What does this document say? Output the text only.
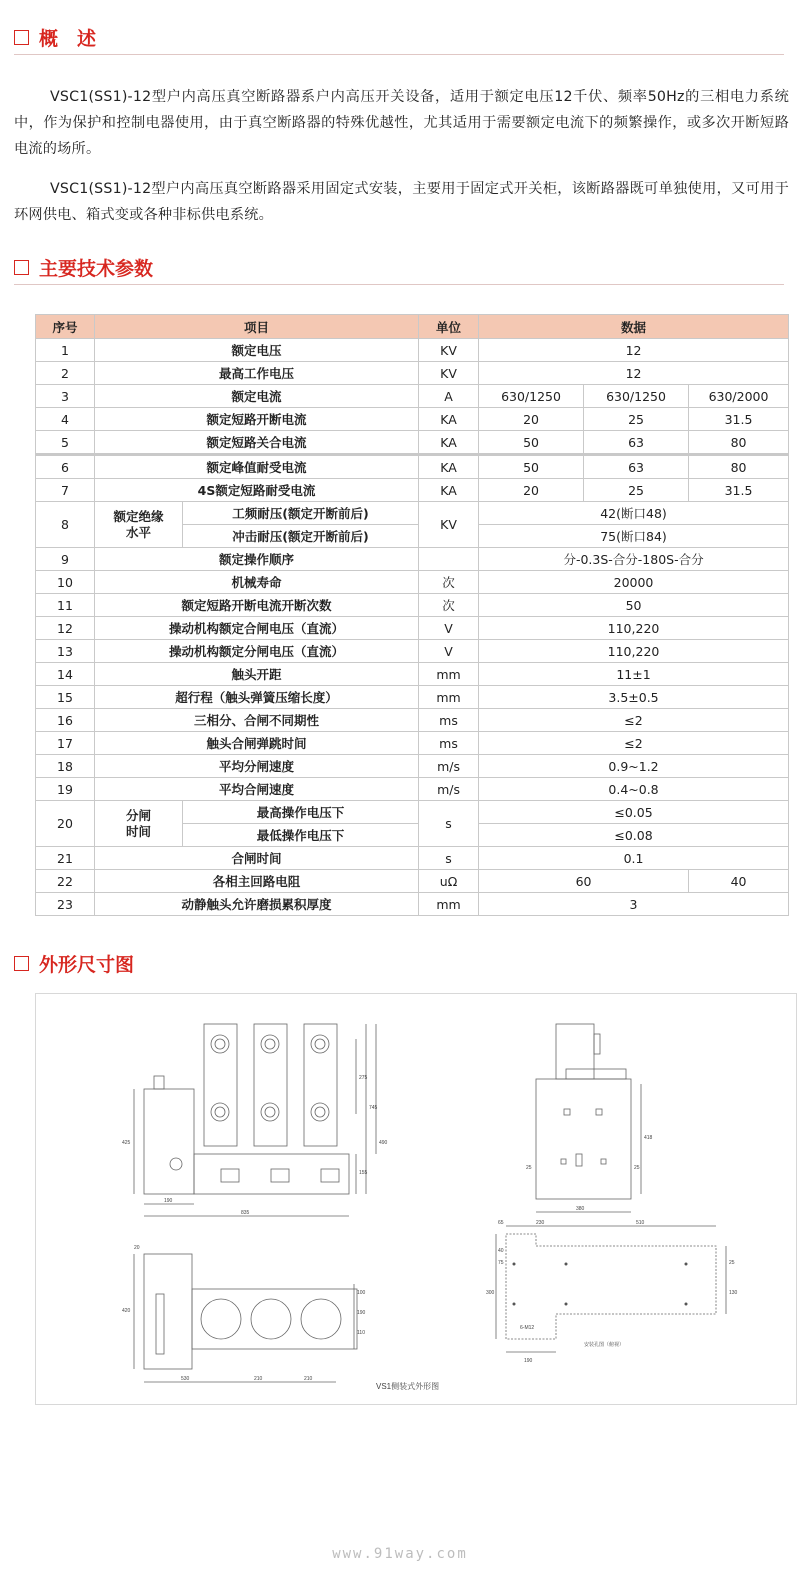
概　述
VSC1(SS1)-12型户内高压真空断路器系户内高压开关设备，适用于额定电压12千伏、频率50Hz的三相电力系统中，作为保护和控制电器使用，由于真空断路器的特殊优越性，尤其适用于需要额定电流下的频繁操作，或多次开断短路电流的场所。
VSC1(SS1)-12型户内高压真空断路器采用固定式安装，主要用于固定式开关柜，该断路器既可单独使用，又可用于环网供电、箱式变或各种非标供电系统。
主要技术参数
序号	项目		单位	数据		
1	额定电压		KV	12		
2	最高工作电压		KV	12		
3	额定电流		A	630/1250	630/1250	630/2000
4	额定短路开断电流		KA	20	25	31.5
5	额定短路关合电流		KA	50	63	80
6	额定峰值耐受电流		KA	50	63	80
7	4S额定短路耐受电流		KA	20	25	31.5
8	额定绝缘水平	工频耐压(额定开断前后)	KV	42(断口48)		
		冲击耐压(额定开断前后)		75(断口84)		
9	额定操作顺序			分-0.3S-合分-180S-合分		
10	机械寿命		次	20000		
11	额定短路开断电流开断次数		次	50		
12	操动机构额定合闸电压（直流）		V	110,220		
13	操动机构额定分闸电压（直流）		V	110,220		
14	触头开距		mm	11±1		
15	超行程（触头弹簧压缩长度）		mm	3.5±0.5		
16	三相分、合闸不同期性		ms	≤2		
17	触头合闸弹跳时间		ms	≤2		
18	平均分闸速度		m/s	0.9~1.2		
19	平均合闸速度		m/s	0.4~0.8		
20	分闸时间	最高操作电压下	s	≤0.05		
		最低操作电压下		≤0.08		
21	合闸时间		s	0.1		
22	各相主回路电阻		uΩ	60		40
23	动静触头允许磨损累积厚度		mm	3		
外形尺寸图
275
745
490
155
425
190
835
418
25	25
380
20
420
100
190
110
530	210	210
65	230	510
25
130
300
6-M12
190
40
75
安装孔图（俯视）
VS1侧装式外形图
www.91way.com
